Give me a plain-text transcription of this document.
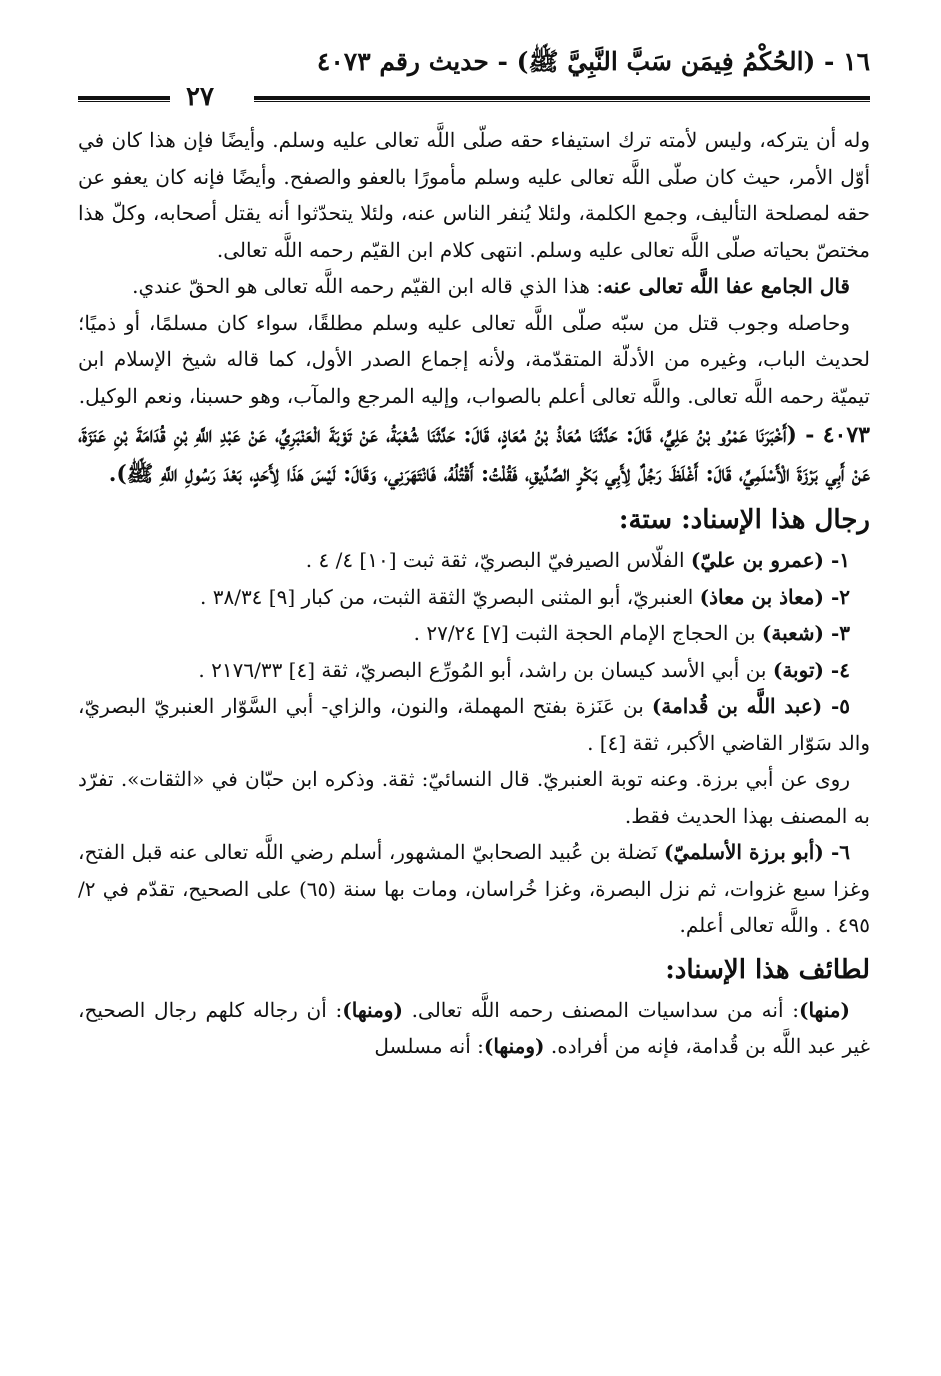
١٦ - (الحُكْمُ فِيمَن سَبَّ النَّبِيَّ ﷺ) - حديث رقم ٤٠٧٣
٢٧

وله أن يتركه، وليس لأمته ترك استيفاء حقه صلّى اللَّه تعالى عليه وسلم. وأيضًا فإن هذا كان في أوّل الأمر، حيث كان صلّى اللَّه تعالى عليه وسلم مأمورًا بالعفو والصفح. وأيضًا فإنه كان يعفو عن حقه لمصلحة التأليف، وجمع الكلمة، ولئلا يُنفر الناس عنه، ولئلا يتحدّثوا أنه يقتل أصحابه، وكلّ هذا مختصّ بحياته صلّى اللَّه تعالى عليه وسلم. انتهى كلام ابن القيّم رحمه اللَّه تعالى.

قال الجامع عفا اللَّه تعالى عنه: هذا الذي قاله ابن القيّم رحمه اللَّه تعالى هو الحقّ عندي.

وحاصله وجوب قتل من سبّه صلّى اللَّه تعالى عليه وسلم مطلقًا، سواء كان مسلمًا، أو ذميًا؛ لحديث الباب، وغيره من الأدلّة المتقدّمة، ولأنه إجماع الصدر الأول، كما قاله شيخ الإسلام ابن تيميّة رحمه اللَّه تعالى. واللَّه تعالى أعلم بالصواب، وإليه المرجع والمآب، وهو حسبنا، ونعم الوكيل.

٤٠٧٣ - (أَخْبَرَنَا عَمْرُو بْنُ عَلِيٍّ، قَالَ: حَدَّثَنَا مُعَاذُ بْنُ مُعَاذٍ، قَالَ: حَدَّثَنَا شُعْبَةُ، عَنْ تَوْبَةَ الْعَنْبَرِيِّ، عَنْ عَبْدِ اللَّهِ بْنِ قُدَامَةَ بْنِ عَنَزَةَ، عَنْ أَبِي بَرْزَةَ الْأَسْلَمِيِّ، قَالَ: أَغْلَظَ رَجُلٌ لِأَبِي بَكْرٍ الصِّدِّيقِ، فَقُلْتُ: أَقْتُلُهُ، فَانْتَهَرَنِي، وَقَالَ: لَيْسَ هَذَا لِأَحَدٍ، بَعْدَ رَسُولِ اللَّهِ ﷺ).

رجال هذا الإسناد: ستة:

١- (عمرو بن عليّ) الفلّاس الصيرفيّ البصريّ، ثقة ثبت [١٠] ٤/ ٤ .

٢- (معاذ بن معاذ) العنبريّ، أبو المثنى البصريّ الثقة الثبت، من كبار [٩] ٣٨/٣٤ .

٣- (شعبة) بن الحجاج الإمام الحجة الثبت [٧] ٢٧/٢٤ .

٤- (توبة) بن أبي الأسد كيسان بن راشد، أبو المُورِّع البصريّ، ثقة [٤] ٢١٧٦/٣٣ .

٥- (عبد اللَّه بن قُدامة) بن عَنَزة بفتح المهملة، والنون، والزاي- أبي السَّوّار العنبريّ البصريّ، والد سَوّار القاضي الأكبر، ثقة [٤] .

روى عن أبي برزة. وعنه توبة العنبريّ. قال النسائيّ: ثقة. وذكره ابن حبّان في «الثقات». تفرّد به المصنف بهذا الحديث فقط.

٦- (أبو برزة الأسلميّ) نَضلة بن عُبيد الصحابيّ المشهور، أسلم رضي اللَّه تعالى عنه قبل الفتح، وغزا سبع غزوات، ثم نزل البصرة، وغزا خُراسان، ومات بها سنة (٦٥) على الصحيح، تقدّم في ٢/ ٤٩٥ . واللَّه تعالى أعلم.

لطائف هذا الإسناد:

(منها): أنه من سداسيات المصنف رحمه اللَّه تعالى. (ومنها): أن رجاله كلهم رجال الصحيح، غير عبد اللَّه بن قُدامة، فإنه من أفراده. (ومنها): أنه مسلسل
